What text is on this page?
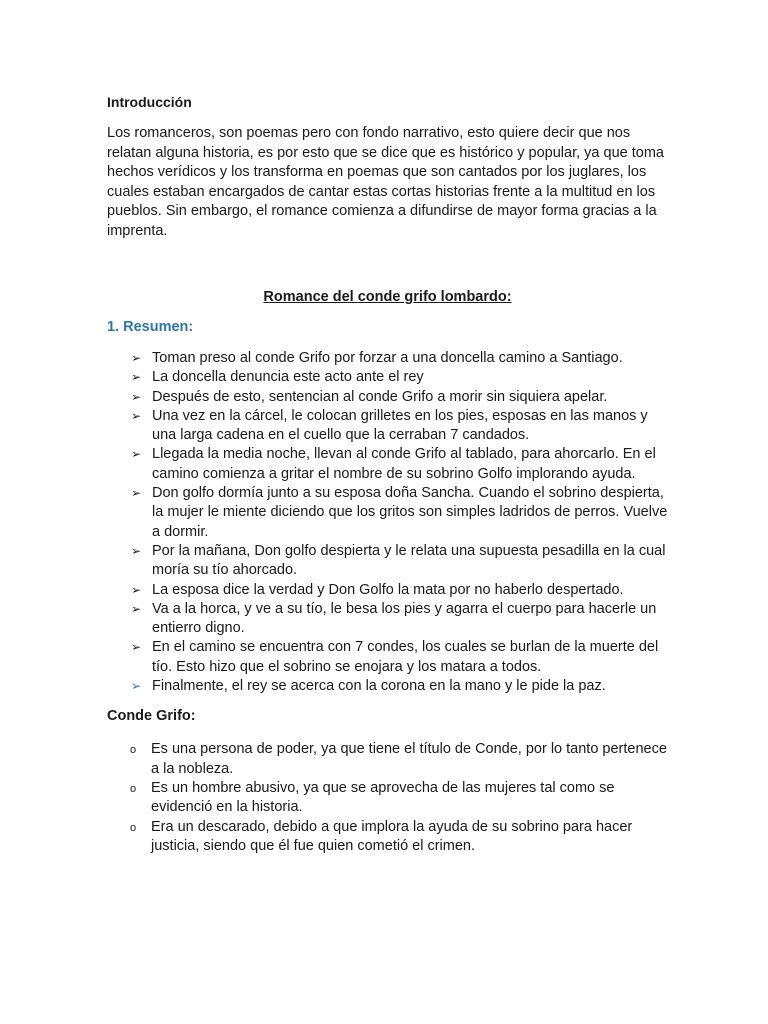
Introducción

Los romanceros, son poemas pero con fondo narrativo, esto quiere decir que nos relatan alguna historia, es por esto que se dice que es histórico y popular, ya que toma hechos verídicos y los transforma en poemas que son cantados por los juglares, los cuales estaban encargados de cantar estas cortas historias frente a la multitud en los pueblos. Sin embargo, el romance comienza a difundirse de mayor forma gracias a la imprenta.

Romance del conde grifo lombardo:
1. Resumen:
➢ Toman preso al conde Grifo por forzar a una doncella camino a Santiago.
➢ La doncella denuncia este acto ante el rey
➢ Después de esto, sentencian al conde Grifo a morir sin siquiera apelar.
➢ Una vez en la cárcel, le colocan grilletes en los pies, esposas en las manos y una larga cadena en el cuello que la cerraban 7 candados.
➢ Llegada la media noche, llevan al conde Grifo al tablado, para ahorcarlo. En el camino comienza a gritar el nombre de su sobrino Golfo implorando ayuda.
➢ Don golfo dormía junto a su esposa doña Sancha. Cuando el sobrino despierta, la mujer le miente diciendo que los gritos son simples ladridos de perros. Vuelve a dormir.
➢ Por la mañana, Don golfo despierta y le relata una supuesta pesadilla en la cual moría su tío ahorcado.
➢ La esposa dice la verdad y Don Golfo la mata por no haberlo despertado.
➢ Va a la horca, y ve a su tío, le besa los pies y agarra el cuerpo para hacerle un entierro digno.
➢ En el camino se encuentra con 7 condes, los cuales se burlan de la muerte del tío. Esto hizo que el sobrino se enojara y los matara a todos.
➢ Finalmente, el rey se acerca con la corona en la mano y le pide la paz.
Conde Grifo:
o Es una persona de poder, ya que tiene el título de Conde, por lo tanto pertenece a la nobleza.
o Es un hombre abusivo, ya que se aprovecha de las mujeres tal como se evidenció en la historia.
o Era un descarado, debido a que implora la ayuda de su sobrino para hacer justicia, siendo que él fue quien cometió el crimen.
